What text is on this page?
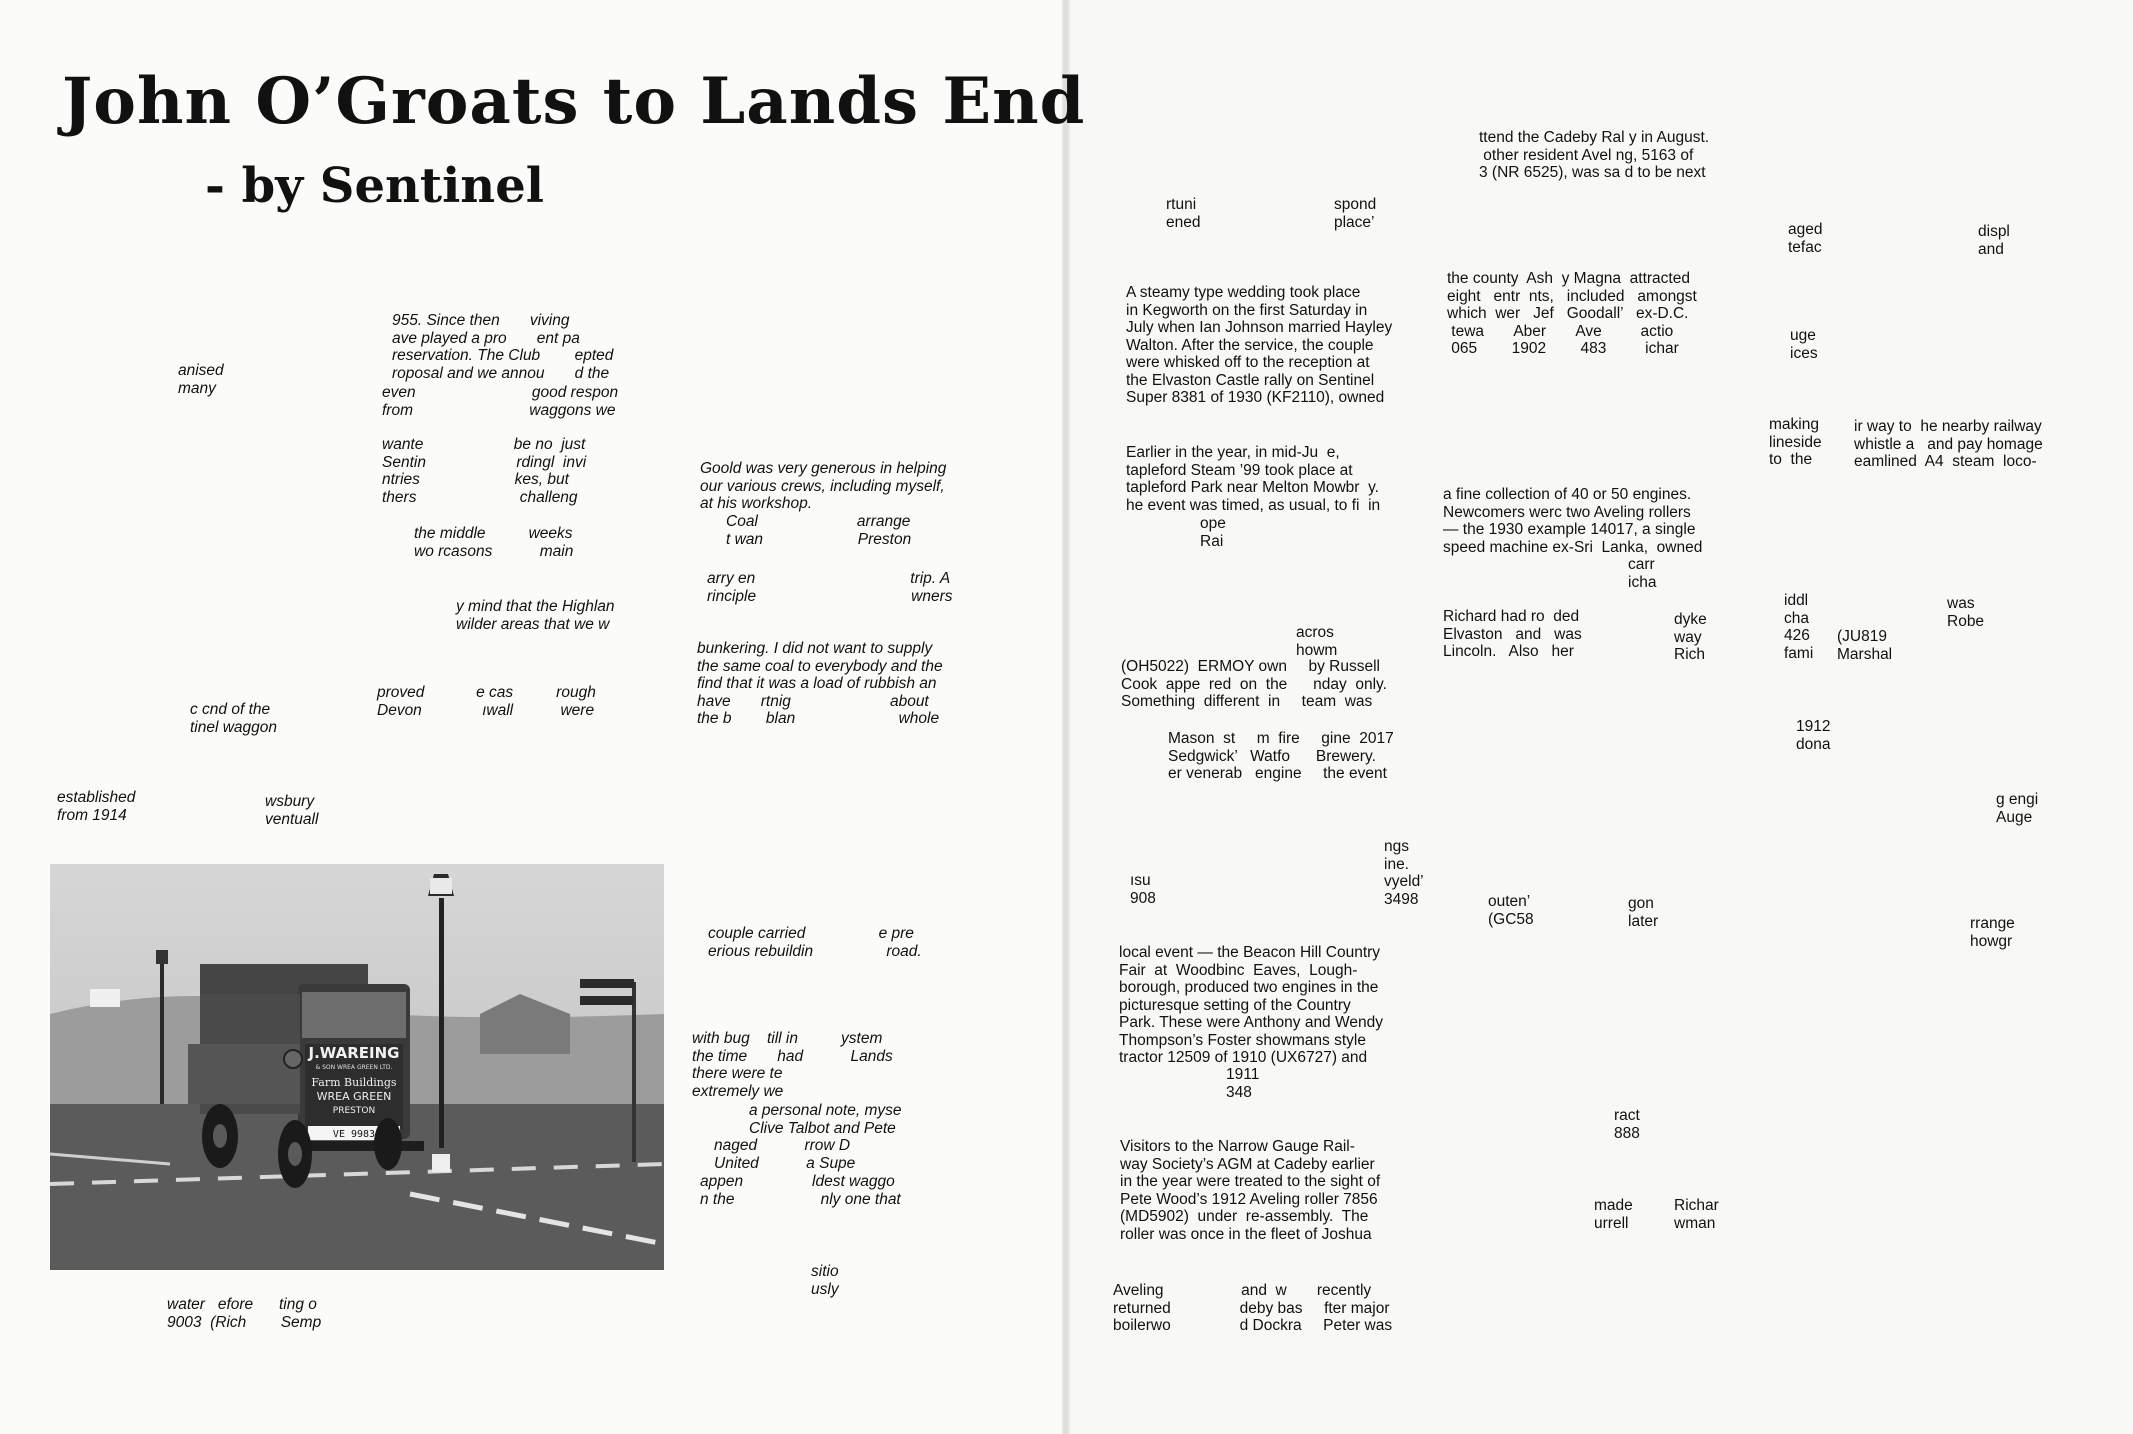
John O’Groats to Lands End
- by Sentinel

955. Since then       viving
ave played a pro       ent pa
reservation. The Club        epted
roposal and we annou       d the

anised
many	even                           good respon
from                           waggons we

wante                     be no  just
Sentin                     rdingl  invi
ntries                      kes, but
thers                        challeng

the middle          weeks
wo rcasons           main

y mind that the Highlan
wilder areas that we w

proved            e cas          rough
Devon              ıwall           were

c cnd of the
tinel waggon

established
from 1914

wsbury
ventuall

J.WAREING
& SON WREA GREEN LTD.
Farm Buildings
WREA GREEN
PRESTON
VE 9983

water   efore      ting o
9003  (Rich        Semp

Goold was very generous in helping
our various crews, including myself,
at his workshop.

Coal                       arrange
t wan                      Preston

arry en                                    trip. A
rinciple                                    wners

bunkering. I did not want to supply
the same coal to everybody and the
find that it was a load of rubbish an
have       rtnig                       about
the b        blan                        whole

couple carried                 e pre
erious rebuildin                 road.

with bug    till in          ystem
the time       had           Lands
there were te
extremely we

a personal note, myse
Clive Talbot and Pete

naged           rrow D
United           a Supe

appen                ldest waggo
n the                    nly one that

sitio
usly

rtuni                                spond
ened                               place’

A steamy type wedding took place
in Kegworth on the first Saturday in
July when Ian Johnson married Hayley
Walton. After the service, the couple
were whisked off to the reception at
the Elvaston Castle rally on Sentinel
Super 8381 of 1930 (KF2110), owned

Earlier in the year, in mid-Ju  e,
tapleford Steam ’99 took place at
tapleford Park near Melton Mowbr  y.
he event was timed, as usual, to fi  in

ope
Rai

acros
howm

(OH5022)  ERMOY own     by Russell
Cook  appe  red  on  the      nday  only.
Something  different  in     team  was

Mason  st     m  fire     gine  2017
Sedgwick’   Watfo      Brewery.
er venerab   engine     the event

ngs
ine.
vyeld’
3498

ısu
908

local event — the Beacon Hill Country
Fair  at  Woodbinc  Eaves,  Lough-
borough, produced two engines in the
picturesque setting of the Country
Park. These were Anthony and Wendy
Thompson’s Foster showmans style
tractor 12509 of 1910 (UX6727) and

1911
348

Visitors to the Narrow Gauge Rail-
way Society’s AGM at Cadeby earlier
in the year were treated to the sight of
Pete Wood’s 1912 Aveling roller 7856
(MD5902)  under  re-assembly.  The
roller was once in the fleet of Joshua

Aveling                  and  w       recently
returned                deby bas     fter major
boilerwo                d Dockra     Peter was

ttend the Cadeby Ral y in August.
other resident Avel ng, 5163 of
3 (NR 6525), was sa d to be next

the county  Ash  y Magna  attracted
eight   entr  nts,   included   amongst
which  wer   Jef   Goodall’   ex-D.C.
tewa       Aber       Ave         actio
065        1902        483         ichar

a fine collection of 40 or 50 engines.
Newcomers werc two Aveling rollers
— the 1930 example 14017, a single
speed machine ex-Sri  Lanka,  owned

carr
icha

Richard had ro  ded
Elvaston   and   was
Lincoln.   Also   her

dyke
way
Rich

outen’
(GC58

gon
later

ract
888

made
urrell

Richar
wman

aged
tefac

displ
and

uge
ices

making
lineside
to  the

ir way to  he nearby railway
whistle a   and pay homage
eamlined  A4  steam  loco-

iddl
cha
426
fami

(JU819
Marshal

was
Robe

1912
dona

g engi
Auge

rrange
howgr
